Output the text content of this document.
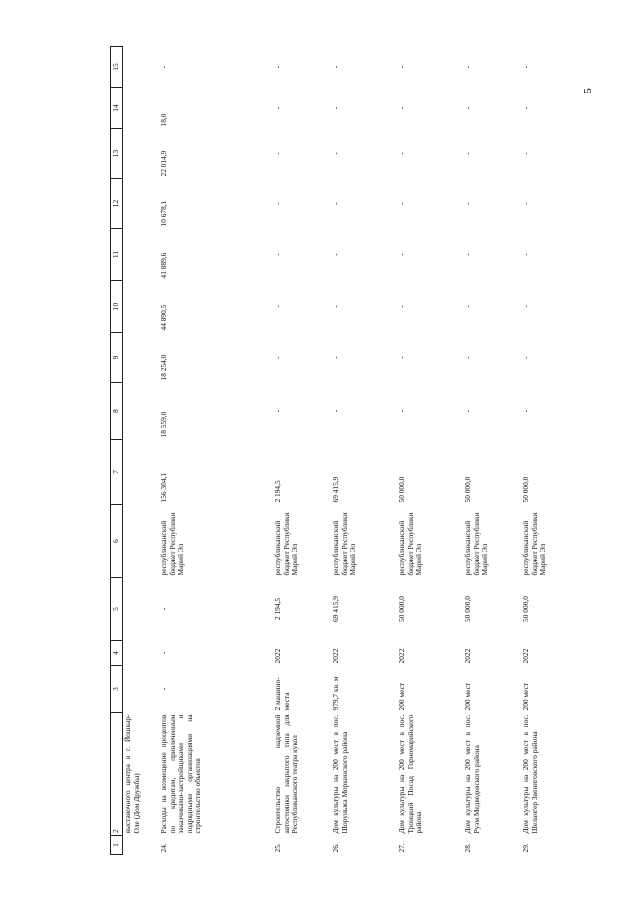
5
1	2	3	4	5	6	7	8	9	10	11	12	13	14	15
	выставочного центра в г. Йошкар-Оле (Дом Дружбы)													
24.	Расходы на возмещение процентов по кредитам, привлеченным заказчиками-застройщиками и подрядными организациями на строительство объектов	-	-	-	республиканский бюджет Республики Марий Эл	156 304,1	18 559,0	18 254,0	44 890,5	41 889,6	10 678,1	22 014,9	18,0	-
25.	Строительство надземной автостоянки закрытого типа для Республиканского театра кукол	2 машино-места	2022	2 194,5	республиканский бюджет Республики Марий Эл	2 194,5	-	-	-	-	-	-	-	-
26.	Дом культуры на 200 мест в пос. Шоруньжа Моркинского района	979,7 кв. м	2022	69 415,9	республиканский бюджет Республики Марий Эл	69 415,9	-	-	-	-	-	-	-	-
27.	Дом культуры на 200 мест в пос. Троицкий Посад Горномарийского района	200 мест	2022	50 000,0	республиканский бюджет Республики Марий Эл	50 000,0	-	-	-	-	-	-	-	-
28.	Дом культуры на 200 мест в пос. Руэм Медведевского района	200 мест	2022	50 000,0	республиканский бюджет Республики Марий Эл	50 000,0	-	-	-	-	-	-	-	-
29.	Дом культуры на 200 мест в пос. Шелангер Звениговского района	200 мест	2022	50 000,0	республиканский бюджет Республики Марий Эл	50 000,0	-	-	-	-	-	-	-	-
